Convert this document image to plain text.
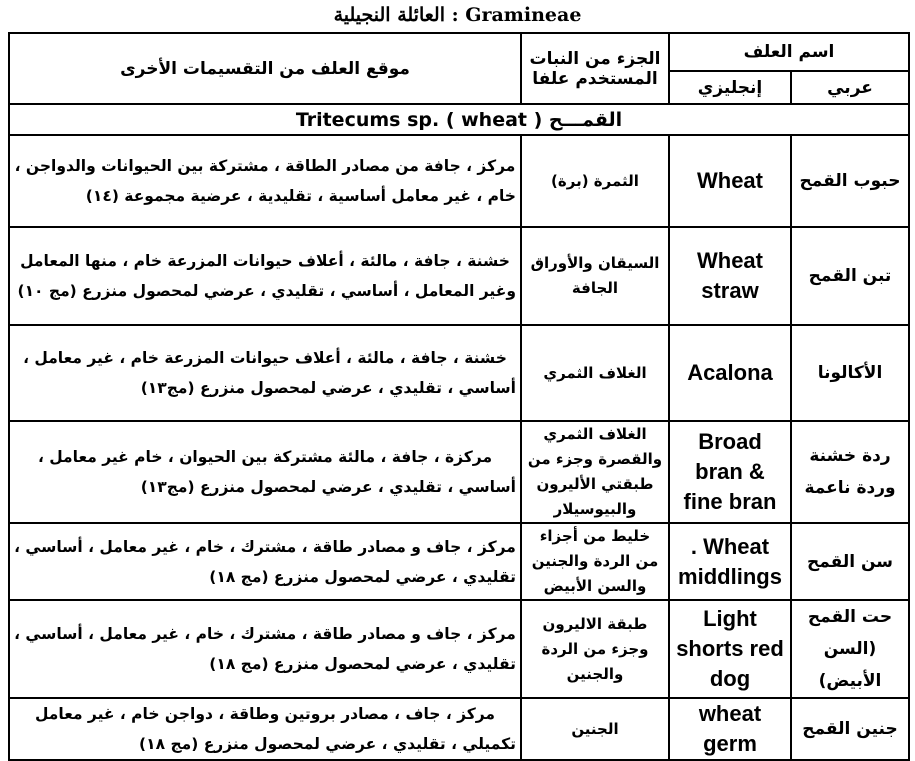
العائلة النجيلية : Gramineae
اسم العلف		الجزء من النبات المستخدم علفا	موقع العلف من التقسيمات الأخرى
عربي	إنجليزي		
Tritecums sp. ( wheat ) القمـــح			
حبوب القمح	Wheat	الثمرة (برة)	مركز ، جافة من مصادر الطاقة ، مشتركة بين الحيوانات والدواجن ، خام ، غير معامل أساسية ، تقليدية ، عرضية مجموعة (١٤)
تبن القمح	Wheat straw	السيقان والأوراق الجافة	خشنة ، جافة ، مالئة ، أعلاف حيوانات المزرعة خام ، منها المعامل وغير المعامل ، أساسي ، تقليدي ، عرضي لمحصول منزرع (مج ١٠)
الأكالونا	Acalona	الغلاف الثمري	خشنة ، جافة ، مالئة ، أعلاف حيوانات المزرعة خام ، غير معامل ، أساسي ، تقليدي ، عرضي لمحصول منزرع (مج١٣)
ردة خشنة وردة ناعمة	Broad bran & fine bran	الغلاف الثمري والقصرة وجزء من طبقتي الأليرون والبيوسيلار	مركزة ، جافة ، مالئة مشتركة بين الحيوان ، خام غير معامل ، أساسي ، تقليدي ، عرضي لمحصول منزرع (مج١٣)
سن القمح	. Wheat middlings	خليط من أجزاء من الردة والجنين والسن الأبيض	مركز ، جاف و مصادر طاقة ، مشترك ، خام ، غير معامل ، أساسي ، تقليدي ، عرضي لمحصول منزرع (مج ١٨)
حت القمح (السن الأبيض)	Light shorts red dog	طبقة الاليرون وجزء من الردة والجنين	مركز ، جاف و مصادر طاقة ، مشترك ، خام ، غير معامل ، أساسي ، تقليدي ، عرضي لمحصول منزرع (مج ١٨)
جنين القمح	wheat germ	الجنين	مركز ، جاف ، مصادر بروتين وطاقة ، دواجن خام ، غير معامل تكميلي ، تقليدي ، عرضي لمحصول منزرع (مج ١٨)
